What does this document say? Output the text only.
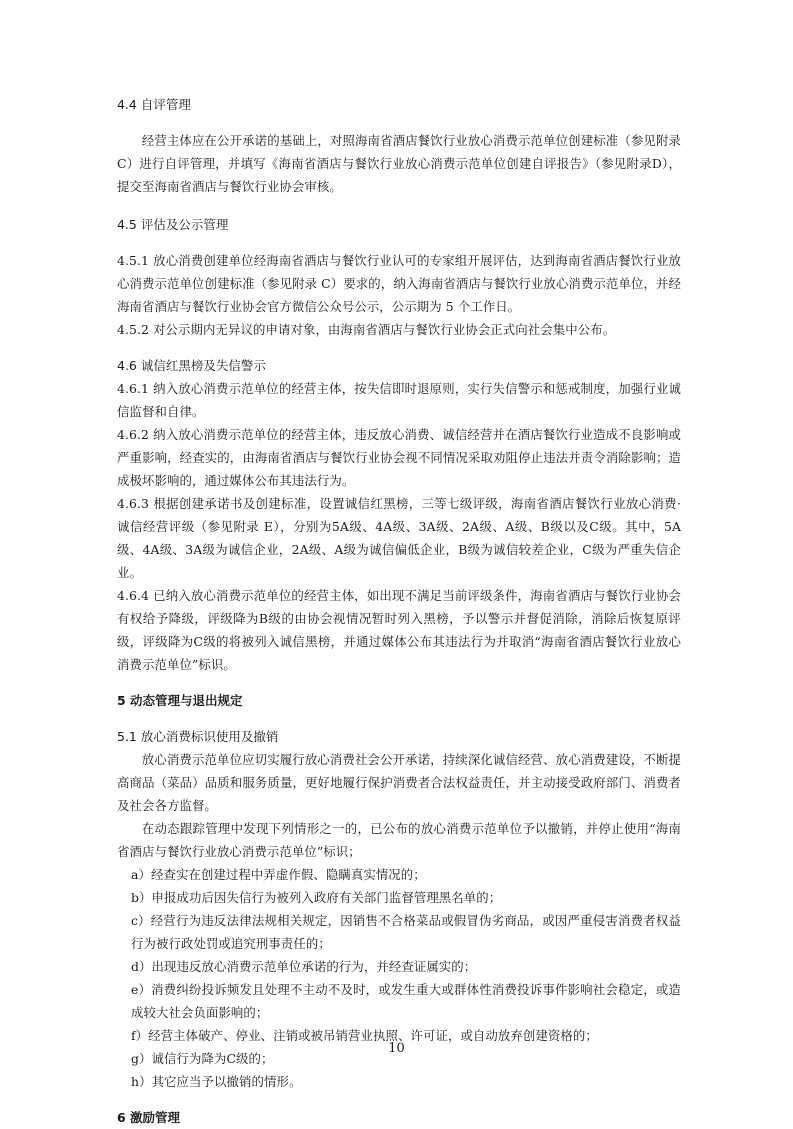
4.4 自评管理

经营主体应在公开承诺的基础上，对照海南省酒店餐饮行业放心消费示范单位创建标准（参见附录 C）进行自评管理，并填写《海南省酒店与餐饮行业放心消费示范单位创建自评报告》（参见附录D），提交至海南省酒店与餐饮行业协会审核。

4.5 评估及公示管理

4.5.1 放心消费创建单位经海南省酒店与餐饮行业认可的专家组开展评估，达到海南省酒店餐饮行业放心消费示范单位创建标准（参见附录 C）要求的，纳入海南省酒店与餐饮行业放心消费示范单位，并经海南省酒店与餐饮行业协会官方微信公众号公示，公示期为 5 个工作日。

4.5.2 对公示期内无异议的申请对象，由海南省酒店与餐饮行业协会正式向社会集中公布。

4.6 诚信红黑榜及失信警示

4.6.1 纳入放心消费示范单位的经营主体，按失信即时退原则，实行失信警示和惩戒制度，加强行业诚信监督和自律。

4.6.2 纳入放心消费示范单位的经营主体，违反放心消费、诚信经营并在酒店餐饮行业造成不良影响或严重影响，经查实的，由海南省酒店与餐饮行业协会视不同情况采取劝阻停止违法并责令消除影响；造成极坏影响的，通过媒体公布其违法行为。

4.6.3 根据创建承诺书及创建标准，设置诚信红黑榜，三等七级评级，海南省酒店餐饮行业放心消费·诚信经营评级（参见附录 E），分别为5A级、4A级、3A级、2A级、A级、B级以及C级。其中，5A级、4A级、3A级为诚信企业，2A级、A级为诚信偏低企业，B级为诚信较差企业，C级为严重失信企业。

4.6.4 已纳入放心消费示范单位的经营主体，如出现不满足当前评级条件，海南省酒店与餐饮行业协会有权给予降级，评级降为B级的由协会视情况暂时列入黑榜，予以警示并督促消除，消除后恢复原评级，评级降为C级的将被列入诚信黑榜，并通过媒体公布其违法行为并取消“海南省酒店餐饮行业放心消费示范单位”标识。

5 动态管理与退出规定

5.1 放心消费标识使用及撤销

放心消费示范单位应切实履行放心消费社会公开承诺，持续深化诚信经营、放心消费建设，不断提高商品（菜品）品质和服务质量，更好地履行保护消费者合法权益责任，并主动接受政府部门、消费者及社会各方监督。

在动态跟踪管理中发现下列情形之一的，已公布的放心消费示范单位予以撤销，并停止使用“海南省酒店与餐饮行业放心消费示范单位”标识；

a）经查实在创建过程中弄虚作假、隐瞒真实情况的；

b）申报成功后因失信行为被列入政府有关部门监督管理黑名单的；

c）经营行为违反法律法规相关规定，因销售不合格菜品或假冒伪劣商品，或因严重侵害消费者权益行为被行政处罚或追究刑事责任的；

d）出现违反放心消费示范单位承诺的行为，并经查证属实的；

e）消费纠纷投诉频发且处理不主动不及时，或发生重大或群体性消费投诉事件影响社会稳定，或造成较大社会负面影响的；

f）经营主体破产、停业、注销或被吊销营业执照、许可证，或自动放弃创建资格的；

g）诚信行为降为C级的；

h）其它应当予以撤销的情形。

6 激励管理

10
